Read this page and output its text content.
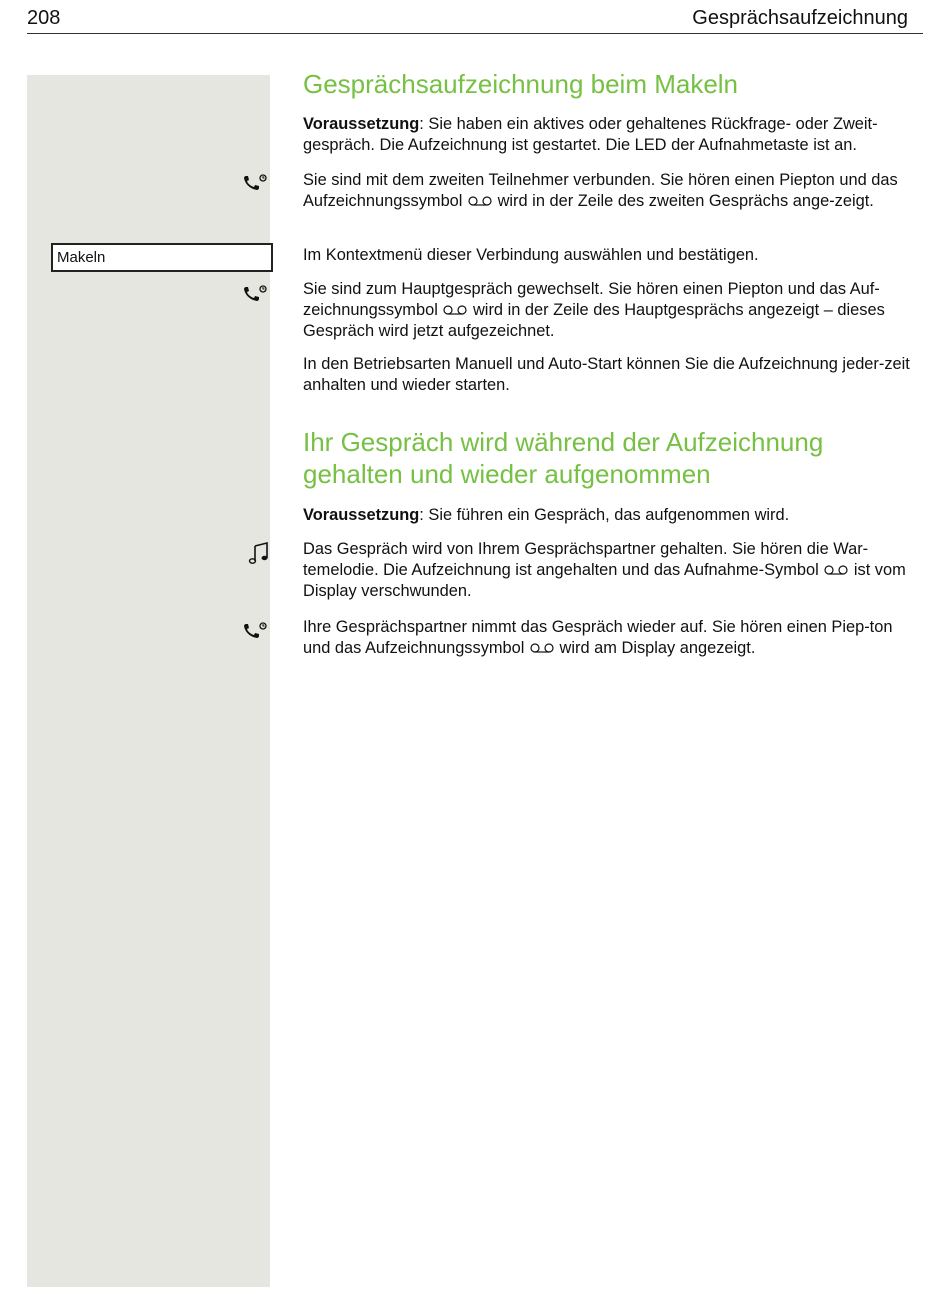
208	Gesprächsaufzeichnung
Makeln
Gesprächsaufzeichnung beim Makeln

Voraussetzung: Sie haben ein aktives oder gehaltenes Rückfrage- oder Zweit-gespräch. Die Aufzeichnung ist gestartet. Die LED der Aufnahmetaste ist an.

Sie sind mit dem zweiten Teilnehmer verbunden. Sie hören einen Piepton und das Aufzeichnungssymbol wird in der Zeile des zweiten Gesprächs ange-zeigt.

Im Kontextmenü dieser Verbindung auswählen und bestätigen.

Sie sind zum Hauptgespräch gewechselt. Sie hören einen Piepton und das Auf-zeichnungssymbol wird in der Zeile des Hauptgesprächs angezeigt – dieses Gespräch wird jetzt aufgezeichnet.

In den Betriebsarten Manuell und Auto-Start können Sie die Aufzeichnung jeder-zeit anhalten und wieder starten.

Ihr Gespräch wird während der Aufzeichnung gehalten und wieder aufgenommen

Voraussetzung: Sie führen ein Gespräch, das aufgenommen wird.

Das Gespräch wird von Ihrem Gesprächspartner gehalten. Sie hören die War-temelodie. Die Aufzeichnung ist angehalten und das Aufnahme-Symbol ist vom Display verschwunden.

Ihre Gesprächspartner nimmt das Gespräch wieder auf. Sie hören einen Piep-ton und das Aufzeichnungssymbol wird am Display angezeigt.
